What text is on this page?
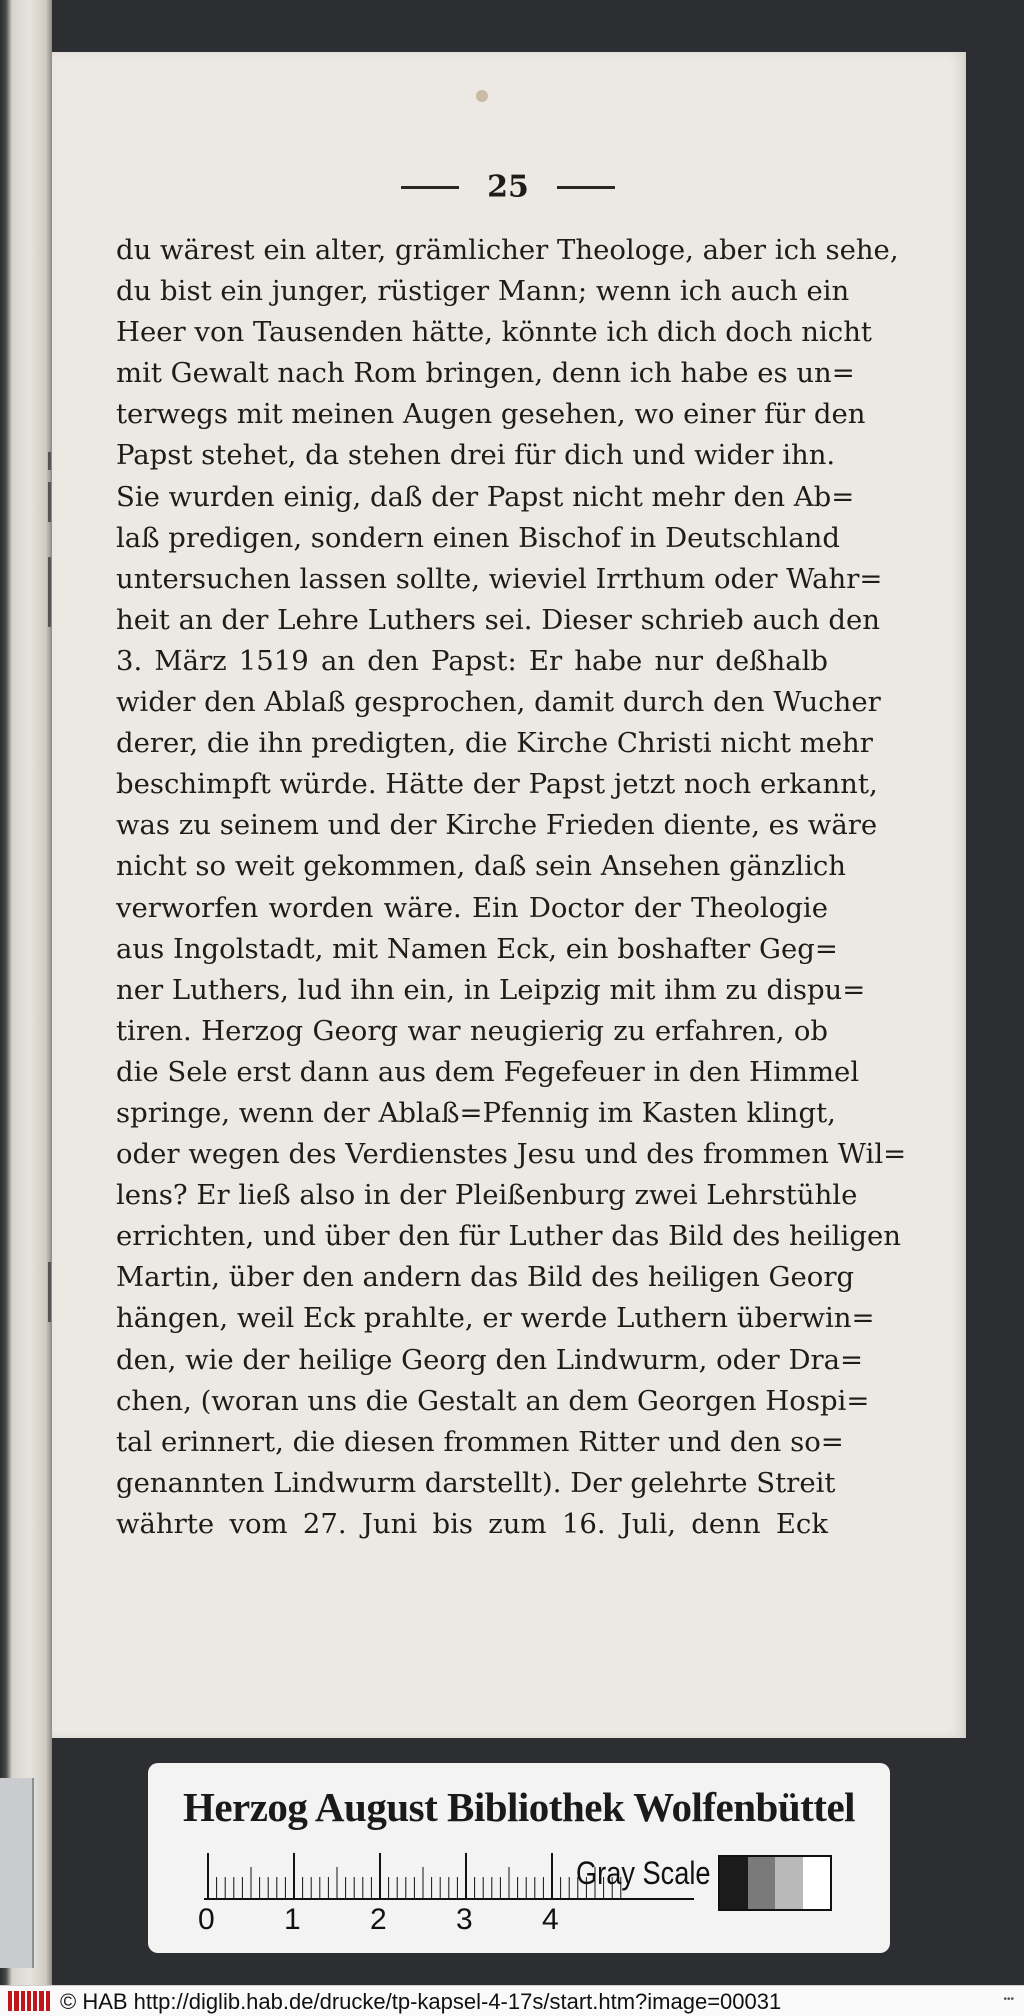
25
du wärest ein alter, grämlicher Theologe, aber ich sehe,
du bist ein junger, rüstiger Mann; wenn ich auch ein
Heer von Tausenden hätte, könnte ich dich doch nicht
mit Gewalt nach Rom bringen, denn ich habe es un=
terwegs mit meinen Augen gesehen, wo einer für den
Papst stehet, da stehen drei für dich und wider ihn.
Sie wurden einig, daß der Papst nicht mehr den Ab=
laß predigen, sondern einen Bischof in Deutschland
untersuchen lassen sollte, wieviel Irrthum oder Wahr=
heit an der Lehre Luthers sei. Dieser schrieb auch den
3. März 1519 an den Papst: Er habe nur deßhalb
wider den Ablaß gesprochen, damit durch den Wucher
derer, die ihn predigten, die Kirche Christi nicht mehr
beschimpft würde. Hätte der Papst jetzt noch erkannt,
was zu seinem und der Kirche Frieden diente, es wäre
nicht so weit gekommen, daß sein Ansehen gänzlich
verworfen worden wäre. Ein Doctor der Theologie
aus Ingolstadt, mit Namen Eck, ein boshafter Geg=
ner Luthers, lud ihn ein, in Leipzig mit ihm zu dispu=
tiren. Herzog Georg war neugierig zu erfahren, ob
die Sele erst dann aus dem Fegefeuer in den Himmel
springe, wenn der Ablaß=Pfennig im Kasten klingt,
oder wegen des Verdienstes Jesu und des frommen Wil=
lens? Er ließ also in der Pleißenburg zwei Lehrstühle
errichten, und über den für Luther das Bild des heiligen
Martin, über den andern das Bild des heiligen Georg
hängen, weil Eck prahlte, er werde Luthern überwin=
den, wie der heilige Georg den Lindwurm, oder Dra=
chen, (woran uns die Gestalt an dem Georgen Hospi=
tal erinnert, die diesen frommen Ritter und den so=
genannten Lindwurm darstellt). Der gelehrte Streit
währte vom 27. Juni bis zum 16. Juli, denn Eck
Herzog August Bibliothek Wolfenbüttel
0 1 2 3 4
Gray Scale
© HAB http://diglib.hab.de/drucke/tp-kapsel-4-17s/start.htm?image=00031	•••
